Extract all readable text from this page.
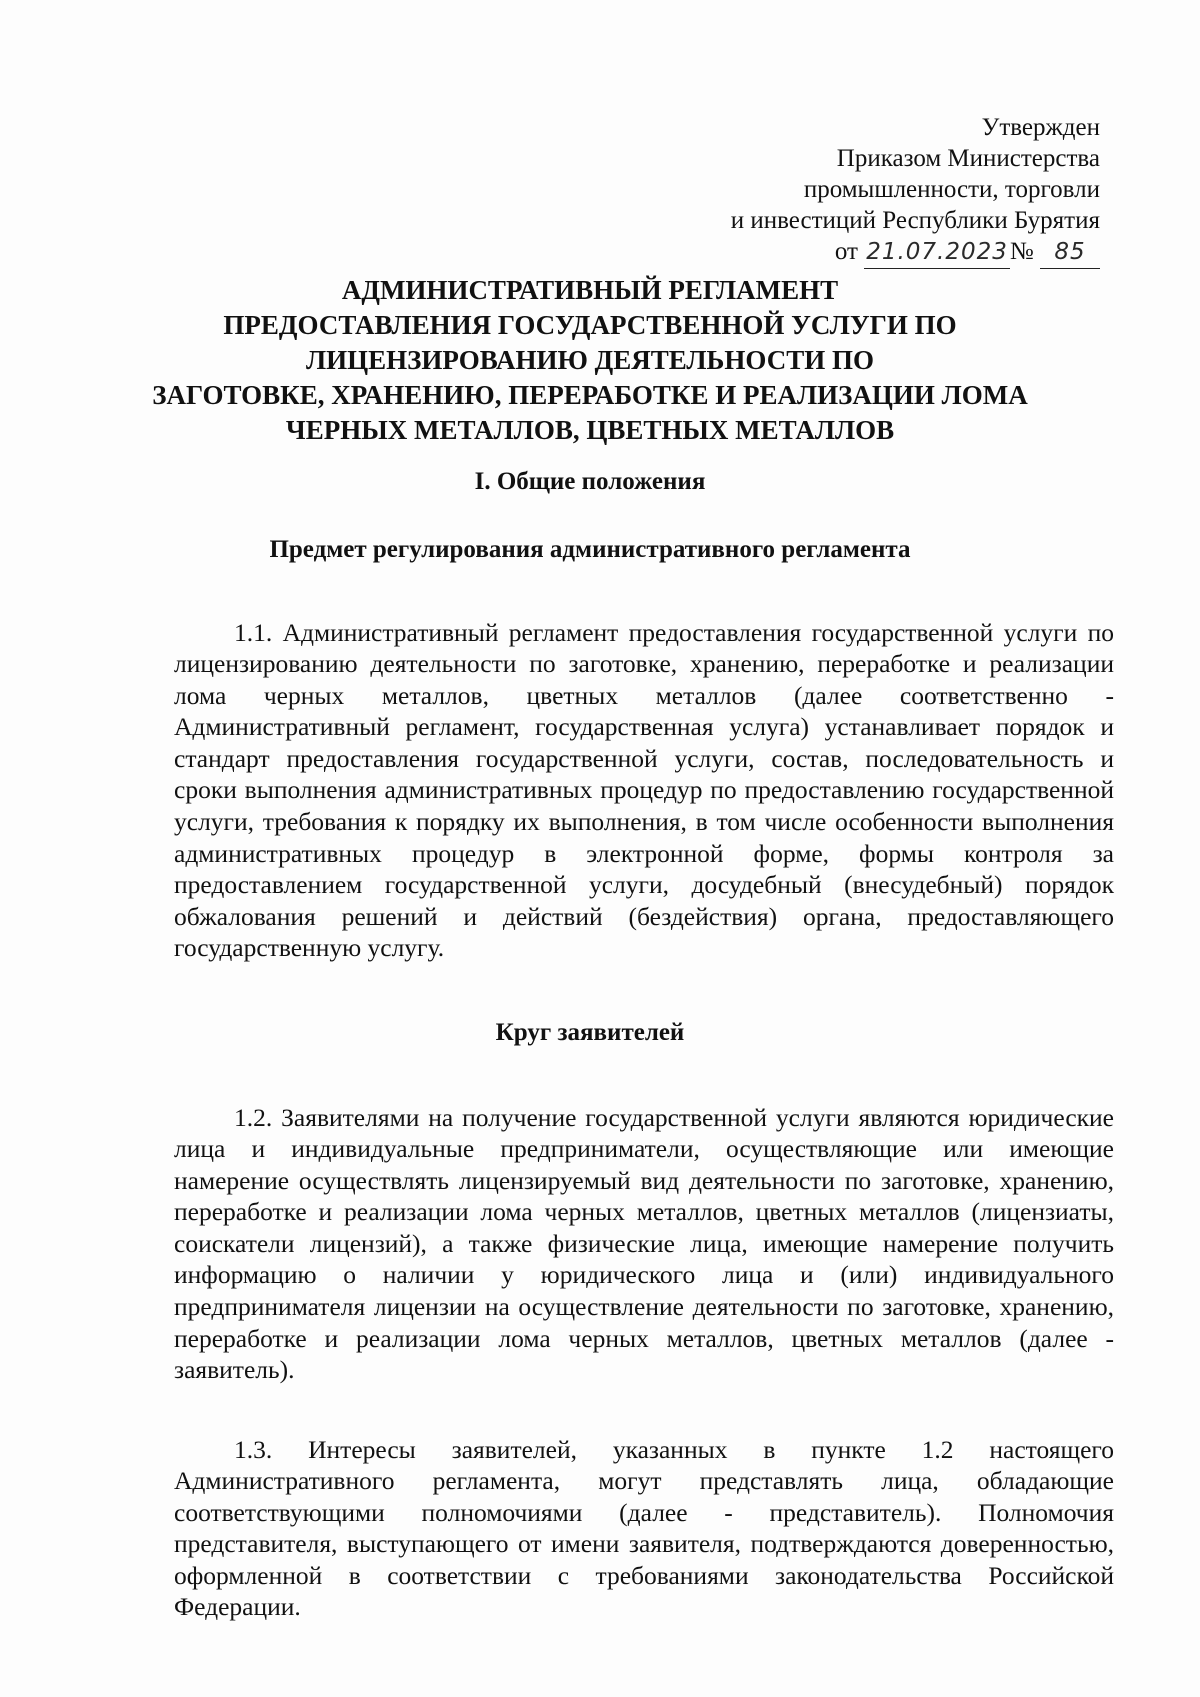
Утвержден
Приказом Министерства
промышленности, торговли
и инвестиций Республики Бурятия
от 21.07.2023№ 85
АДМИНИСТРАТИВНЫЙ РЕГЛАМЕНТ
ПРЕДОСТАВЛЕНИЯ ГОСУДАРСТВЕННОЙ УСЛУГИ ПО
ЛИЦЕНЗИРОВАНИЮ ДЕЯТЕЛЬНОСТИ ПО
ЗАГОТОВКЕ, ХРАНЕНИЮ, ПЕРЕРАБОТКЕ И РЕАЛИЗАЦИИ ЛОМА
ЧЕРНЫХ МЕТАЛЛОВ, ЦВЕТНЫХ МЕТАЛЛОВ
I. Общие положения
Предмет регулирования административного регламента

1.1. Административный регламент предоставления государственной услуги по лицензированию деятельности по заготовке, хранению, переработке и реализации лома черных металлов, цветных металлов (далее соответственно - Административный регламент, государственная услуга) устанавливает порядок и стандарт предоставления государственной услуги, состав, последовательность и сроки выполнения административных процедур по предоставлению государственной услуги, требования к порядку их выполнения, в том числе особенности выполнения административных процедур в электронной форме, формы контроля за предоставлением государственной услуги, досудебный (внесудебный) порядок обжалования решений и действий (бездействия) органа, предоставляющего государственную услугу.

Круг заявителей

1.2. Заявителями на получение государственной услуги являются юридические лица и индивидуальные предприниматели, осуществляющие или имеющие намерение осуществлять лицензируемый вид деятельности по заготовке, хранению, переработке и реализации лома черных металлов, цветных металлов (лицензиаты, соискатели лицензий), а также физические лица, имеющие намерение получить информацию о наличии у юридического лица и (или) индивидуального предпринимателя лицензии на осуществление деятельности по заготовке, хранению, переработке и реализации лома черных металлов, цветных металлов (далее - заявитель).

1.3. Интересы заявителей, указанных в пункте 1.2 настоящего Административного регламента, могут представлять лица, обладающие соответствующими полномочиями (далее - представитель). Полномочия представителя, выступающего от имени заявителя, подтверждаются доверенностью, оформленной в соответствии с требованиями законодательства Российской Федерации.
